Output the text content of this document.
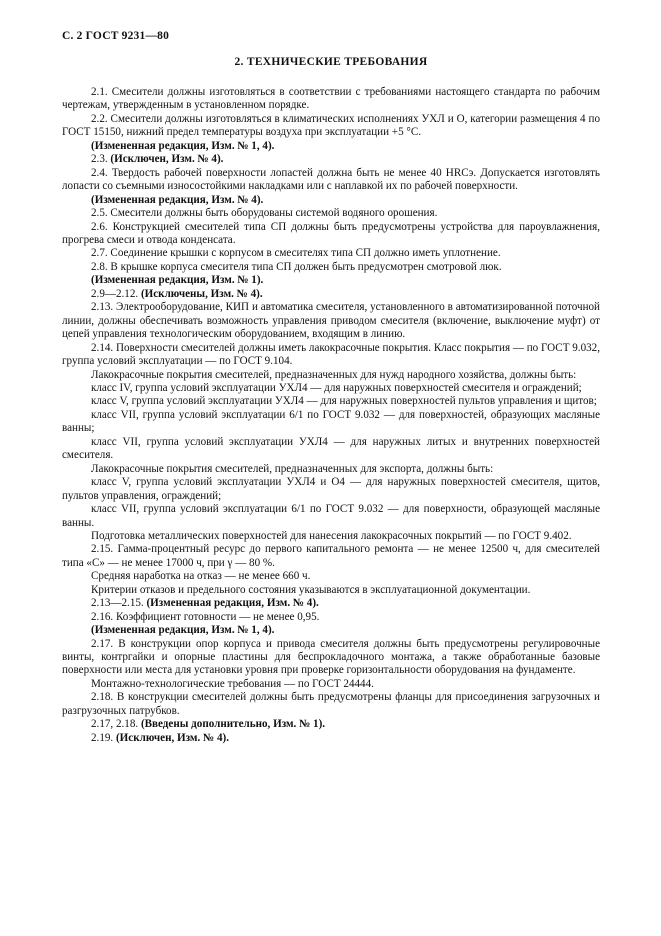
С. 2 ГОСТ 9231—80
2. ТЕХНИЧЕСКИЕ ТРЕБОВАНИЯ

2.1. Смесители должны изготовляться в соответствии с требованиями настоящего стандарта по рабочим чертежам, утвержденным в установленном порядке.

2.2. Смесители должны изготовляться в климатических исполнениях УХЛ и О, категории размещения 4 по ГОСТ 15150, нижний предел температуры воздуха при эксплуатации +5 °С.

(Измененная редакция, Изм. № 1, 4).

2.3. (Исключен, Изм. № 4).

2.4. Твердость рабочей поверхности лопастей должна быть не менее 40 HRCэ. Допускается изготовлять лопасти со съемными износостойкими накладками или с наплавкой их по рабочей поверхности.

(Измененная редакция, Изм. № 4).

2.5. Смесители должны быть оборудованы системой водяного орошения.

2.6. Конструкцией смесителей типа СП должны быть предусмотрены устройства для пароувлажнения, прогрева смеси и отвода конденсата.

2.7. Соединение крышки с корпусом в смесителях типа СП должно иметь уплотнение.

2.8. В крышке корпуса смесителя типа СП должен быть предусмотрен смотровой люк.

(Измененная редакция, Изм. № 1).

2.9—2.12. (Исключены, Изм. № 4).

2.13. Электрооборудование, КИП и автоматика смесителя, установленного в автоматизированной поточной линии, должны обеспечивать возможность управления приводом смесителя (включение, выключение муфт) от цепей управления технологическим оборудованием, входящим в линию.

2.14. Поверхности смесителей должны иметь лакокрасочные покрытия. Класс покрытия — по ГОСТ 9.032, группа условий эксплуатации — по ГОСТ 9.104.

Лакокрасочные покрытия смесителей, предназначенных для нужд народного хозяйства, должны быть:

класс IV, группа условий эксплуатации УХЛ4 — для наружных поверхностей смесителя и ограждений;

класс V, группа условий эксплуатации УХЛ4 — для наружных поверхностей пультов управления и щитов;

класс VII, группа условий эксплуатации 6/1 по ГОСТ 9.032 — для поверхностей, образующих масляные ванны;

класс VII, группа условий эксплуатации УХЛ4 — для наружных литых и внутренних поверхностей смесителя.

Лакокрасочные покрытия смесителей, предназначенных для экспорта, должны быть:

класс V, группа условий эксплуатации УХЛ4 и О4 — для наружных поверхностей смесителя, щитов, пультов управления, ограждений;

класс VII, группа условий эксплуатации 6/1 по ГОСТ 9.032 — для поверхности, образующей масляные ванны.

Подготовка металлических поверхностей для нанесения лакокрасочных покрытий — по ГОСТ 9.402.

2.15. Гамма-процентный ресурс до первого капитального ремонта — не менее 12500 ч, для смесителей типа «С» — не менее 17000 ч, при γ — 80 %.

Средняя наработка на отказ — не менее 660 ч.

Критерии отказов и предельного состояния указываются в эксплуатационной документации.

2.13—2.15. (Измененная редакция, Изм. № 4).

2.16. Коэффициент готовности — не менее 0,95.

(Измененная редакция, Изм. № 1, 4).

2.17. В конструкции опор корпуса и привода смесителя должны быть предусмотрены регулировочные винты, контргайки и опорные пластины для беспрокладочного монтажа, а также обработанные базовые поверхности или места для установки уровня при проверке горизонтальности оборудования на фундаменте.

Монтажно-технологические требования — по ГОСТ 24444.

2.18. В конструкции смесителей должны быть предусмотрены фланцы для присоединения загрузочных и разгрузочных патрубков.

2.17, 2.18. (Введены дополнительно, Изм. № 1).

2.19. (Исключен, Изм. № 4).
